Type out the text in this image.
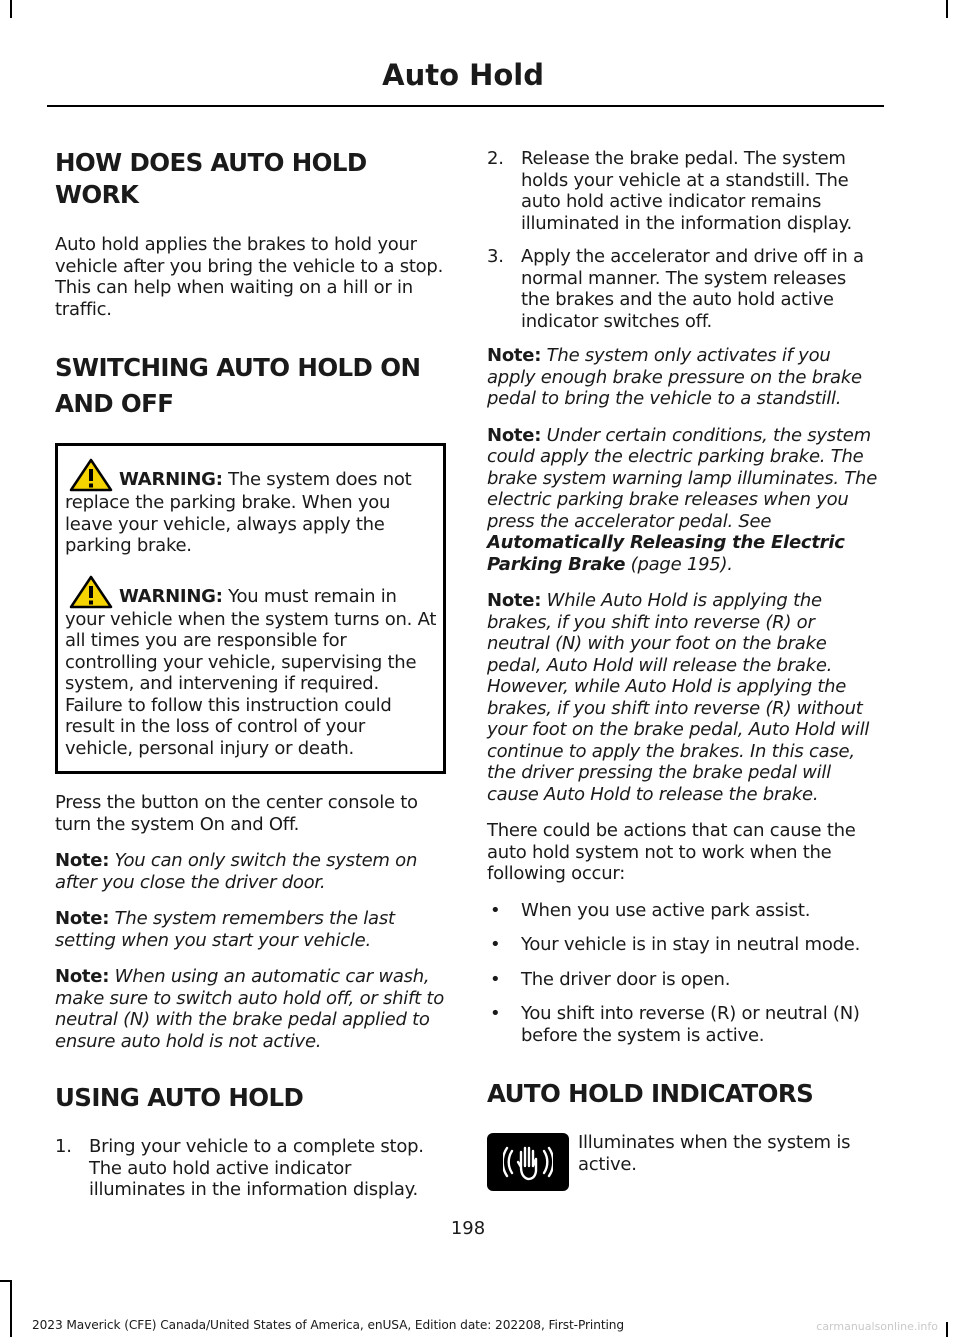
Auto Hold
HOW DOES AUTO HOLD WORK

Auto hold applies the brakes to hold your vehicle after you bring the vehicle to a stop. This can help when waiting on a hill or in traffic.

SWITCHING AUTO HOLD ON
AND OFF

WARNING: The system does not replace the parking brake. When you leave your vehicle, always apply the parking brake.

WARNING: You must remain in your vehicle when the system turns on. At all times you are responsible for controlling your vehicle, supervising the system, and intervening if required. Failure to follow this instruction could result in the loss of control of your vehicle, personal injury or death.

Press the button on the center console to turn the system On and Off.

Note: You can only switch the system on after you close the driver door.

Note: The system remembers the last setting when you start your vehicle.

Note: When using an automatic car wash, make sure to switch auto hold off, or shift to neutral (N) with the brake pedal applied to ensure auto hold is not active.

USING AUTO HOLD
1. Bring your vehicle to a complete stop. The auto hold active indicator illuminates in the information display.
2. Release the brake pedal. The system holds your vehicle at a standstill. The auto hold active indicator remains illuminated in the information display.
3. Apply the accelerator and drive off in a normal manner. The system releases the brakes and the auto hold active indicator switches off.

Note: The system only activates if you apply enough brake pressure on the brake pedal to bring the vehicle to a standstill.

Note: Under certain conditions, the system could apply the electric parking brake. The brake system warning lamp illuminates. The electric parking brake releases when you press the accelerator pedal. See Automatically Releasing the Electric Parking Brake (page 195).

Note: While Auto Hold is applying the brakes, if you shift into reverse (R) or neutral (N) with your foot on the brake pedal, Auto Hold will release the brake. However, while Auto Hold is applying the brakes, if you shift into reverse (R) without your foot on the brake pedal, Auto Hold will continue to apply the brakes. In this case, the driver pressing the brake pedal will cause Auto Hold to release the brake.

There could be actions that can cause the auto hold system not to work when the following occur:

• When you use active park assist.
• Your vehicle is in stay in neutral mode.
• The driver door is open.
• You shift into reverse (R) or neutral (N) before the system is active.
AUTO HOLD INDICATORS

Illuminates when the system is active.

198
2023 Maverick (CFE) Canada/United States of America, enUSA, Edition date: 202208, First-Printing	carmanualsonline.info
